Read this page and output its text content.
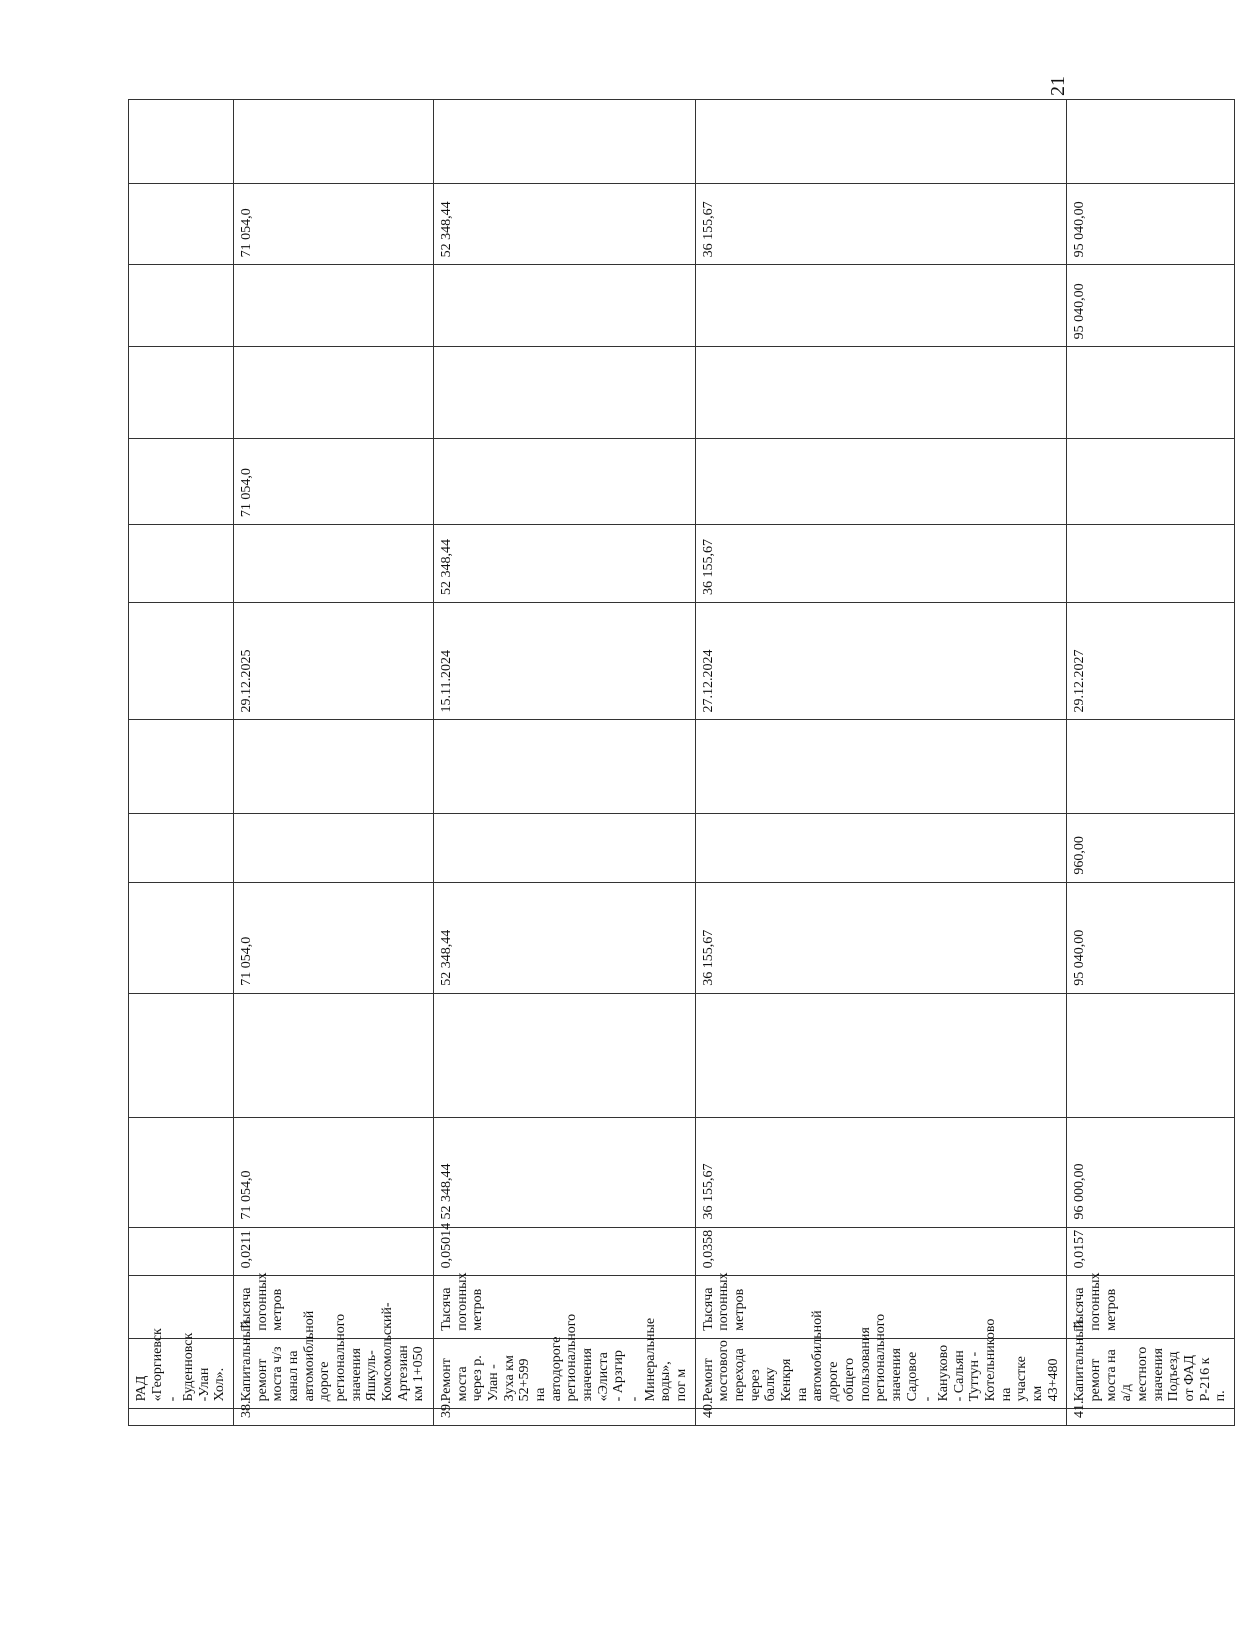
21

	РАД «Георгиевск - Буденновск -Улан Хол».														

38.	Капитальный ремонт моста ч/з канал на автомоибльной дороге регионального значения Яшкуль-Комсомольский-Артезиан км 1+050	Тысяча погонных метров	0,0211	71 054,0		71 054,0			29.12.2025		71 054,0			71 054,0	
39.	Ремонт моста через р. Улан - Зуха км 52+599 на автодороге регионального значения «Элиста - Арзгир - Минеральные воды», пог м	Тысяча погонных метров	0,05014	52 348,44		52 348,44			15.11.2024	52 348,44				52 348,44	
40.	Ремонт мостового перехода через балку Кенкря на автомобильной дороге общего пользования регионального значения Садовое - Кануково - Сальян Туттун - Котельниково на участке км 43+480	Тысяча погонных метров	0,0358	36 155,67		36 155,67			27.12.2024	36 155,67				36 155,67	
41.	Капитальный ремонт моста на а/д местного значения Подъезд от ФАД Р-216 к п.	Тысяча погонных метров	0,0157	96 000,00		95 040,00	960,00		29.12.2027				95 040,00	95 040,00	
